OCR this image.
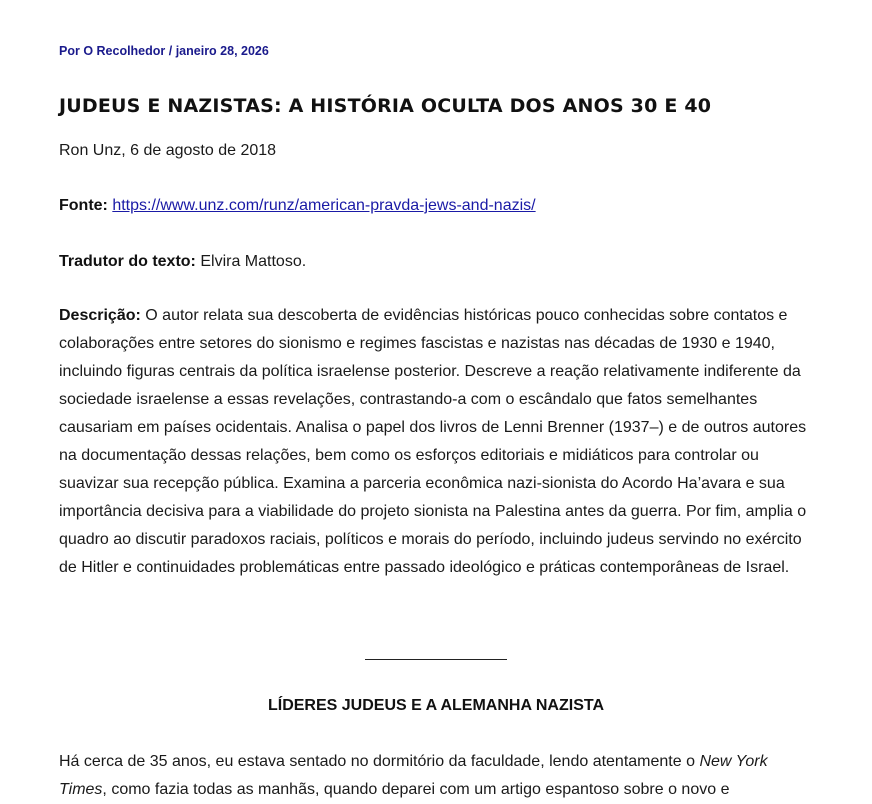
Por O Recolhedor / janeiro 28, 2026
JUDEUS E NAZISTAS: A HISTÓRIA OCULTA DOS ANOS 30 E 40

Ron Unz, 6 de agosto de 2018

Fonte: https://www.unz.com/runz/american-pravda-jews-and-nazis/

Tradutor do texto: Elvira Mattoso.

Descrição: O autor relata sua descoberta de evidências históricas pouco conhecidas sobre contatos e colaborações entre setores do sionismo e regimes fascistas e nazistas nas décadas de 1930 e 1940, incluindo figuras centrais da política israelense posterior. Descreve a reação relativamente indiferente da sociedade israelense a essas revelações, contrastando-a com o escândalo que fatos semelhantes causariam em países ocidentais. Analisa o papel dos livros de Lenni Brenner (1937–) e de outros autores na documentação dessas relações, bem como os esforços editoriais e midiáticos para controlar ou suavizar sua recepção pública. Examina a parceria econômica nazi-sionista do Acordo Ha’avara e sua importância decisiva para a viabilidade do projeto sionista na Palestina antes da guerra. Por fim, amplia o quadro ao discutir paradoxos raciais, políticos e morais do período, incluindo judeus servindo no exército de Hitler e continuidades problemáticas entre passado ideológico e práticas contemporâneas de Israel.

LÍDERES JUDEUS E A ALEMANHA NAZISTA

Há cerca de 35 anos, eu estava sentado no dormitório da faculdade, lendo atentamente o New York Times, como fazia todas as manhãs, quando deparei com um artigo espantoso sobre o novo e
